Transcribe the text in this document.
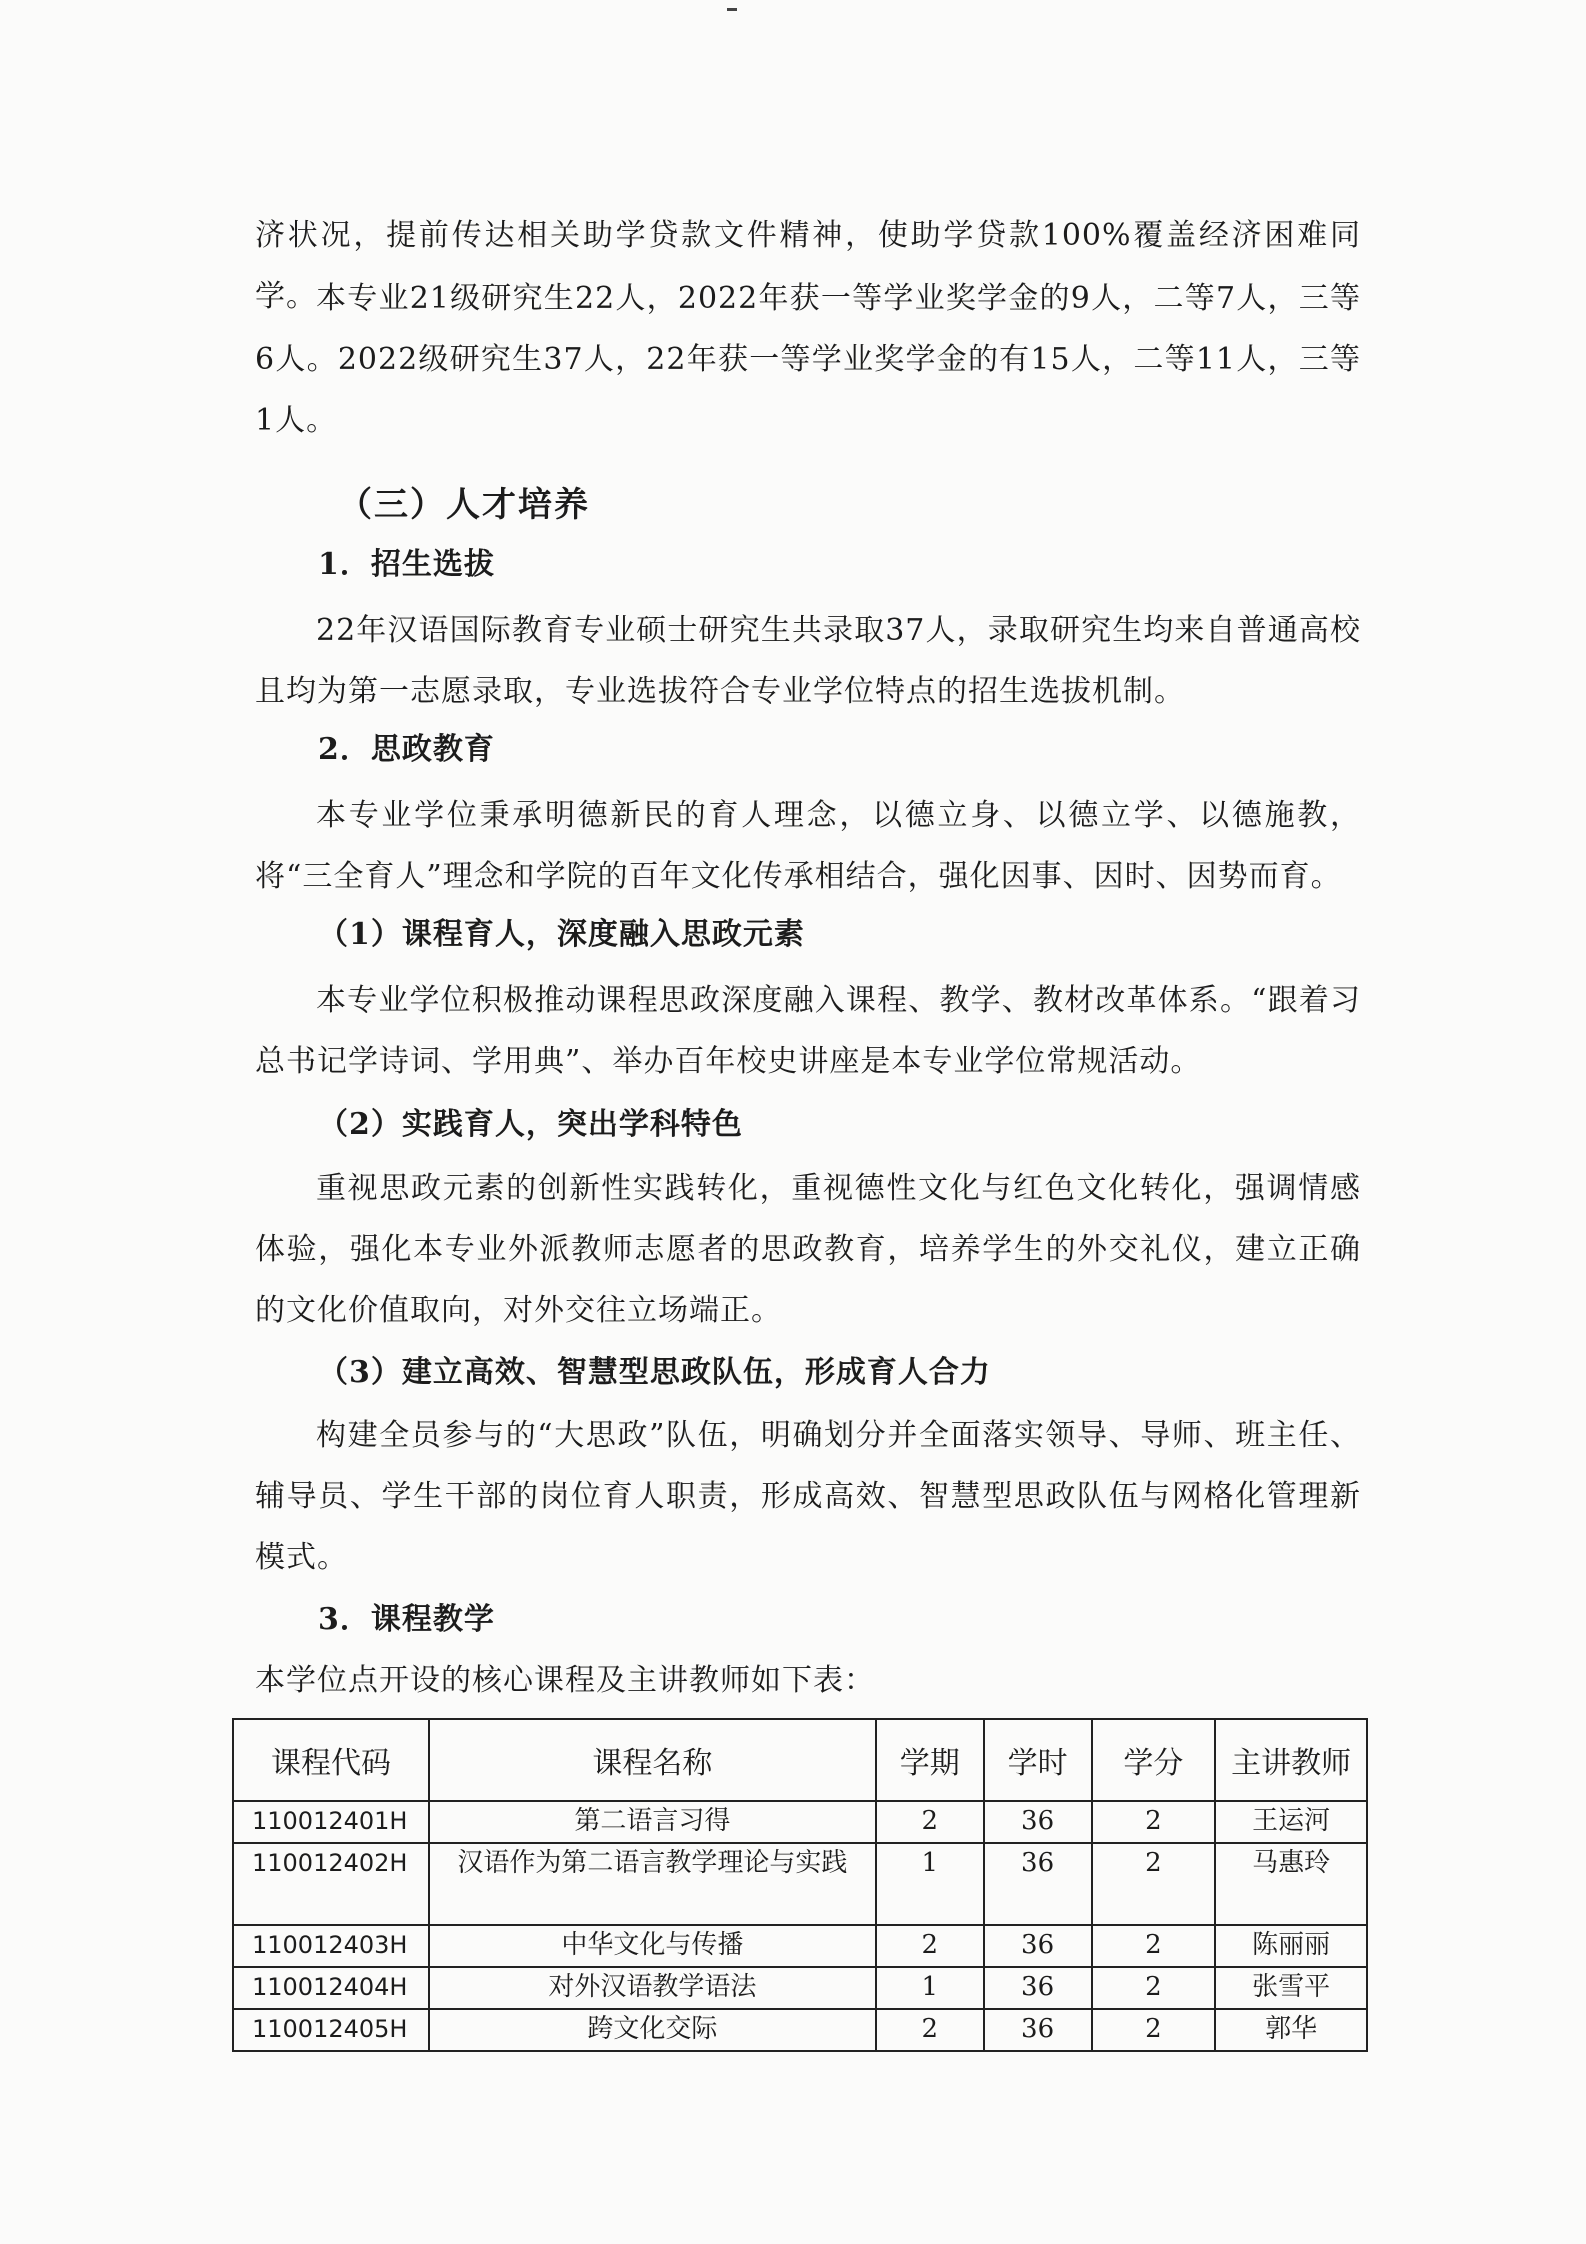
济状况，提前传达相关助学贷款文件精神，使助学贷款100%覆盖经济困难同学。 本专业21级研究生22人，2022年获一等学业奖学金的9人，二等7人，三等6人。2022级研究生37人，22年获一等学业奖学金的有15人，二等11人，三等1人。

（三）人才培养
1．招生选拔

22年汉语国际教育专业硕士研究生共录取37人，录取研究生均来自普通高校且均为第一志愿录取，专业选拔符合专业学位特点的招生选拔机制。

2．思政教育

本专业学位秉承明德新民的育人理念，以德立身、以德立学、以德施教，将“三全育人”理念和学院的百年文化传承相结合，强化因事、因时、因势而育。

（1）课程育人，深度融入思政元素

本专业学位积极推动课程思政深度融入课程、教学、教材改革体系。“跟着习总书记学诗词、学用典”、举办百年校史讲座是本专业学位常规活动。

（2）实践育人，突出学科特色

重视思政元素的创新性实践转化，重视德性文化与红色文化转化，强调情感体验，强化本专业外派教师志愿者的思政教育，培养学生的外交礼仪，建立正确的文化价值取向，对外交往立场端正。

（3）建立高效、智慧型思政队伍，形成育人合力

构建全员参与的“大思政”队伍，明确划分并全面落实领导、导师、班主任、辅导员、学生干部的岗位育人职责，形成高效、智慧型思政队伍与网格化管理新模式。

3．课程教学

本学位点开设的核心课程及主讲教师如下表：

课程代码	课程名称	学期	学时	学分	主讲教师
110012401H	第二语言习得	2	36	2	王运河
110012402H	汉语作为第二语言教学理论与实践	1	36	2	马惠玲
110012403H	中华文化与传播	2	36	2	陈丽丽
110012404H	对外汉语教学语法	1	36	2	张雪平
110012405H	跨文化交际	2	36	2	郭华
